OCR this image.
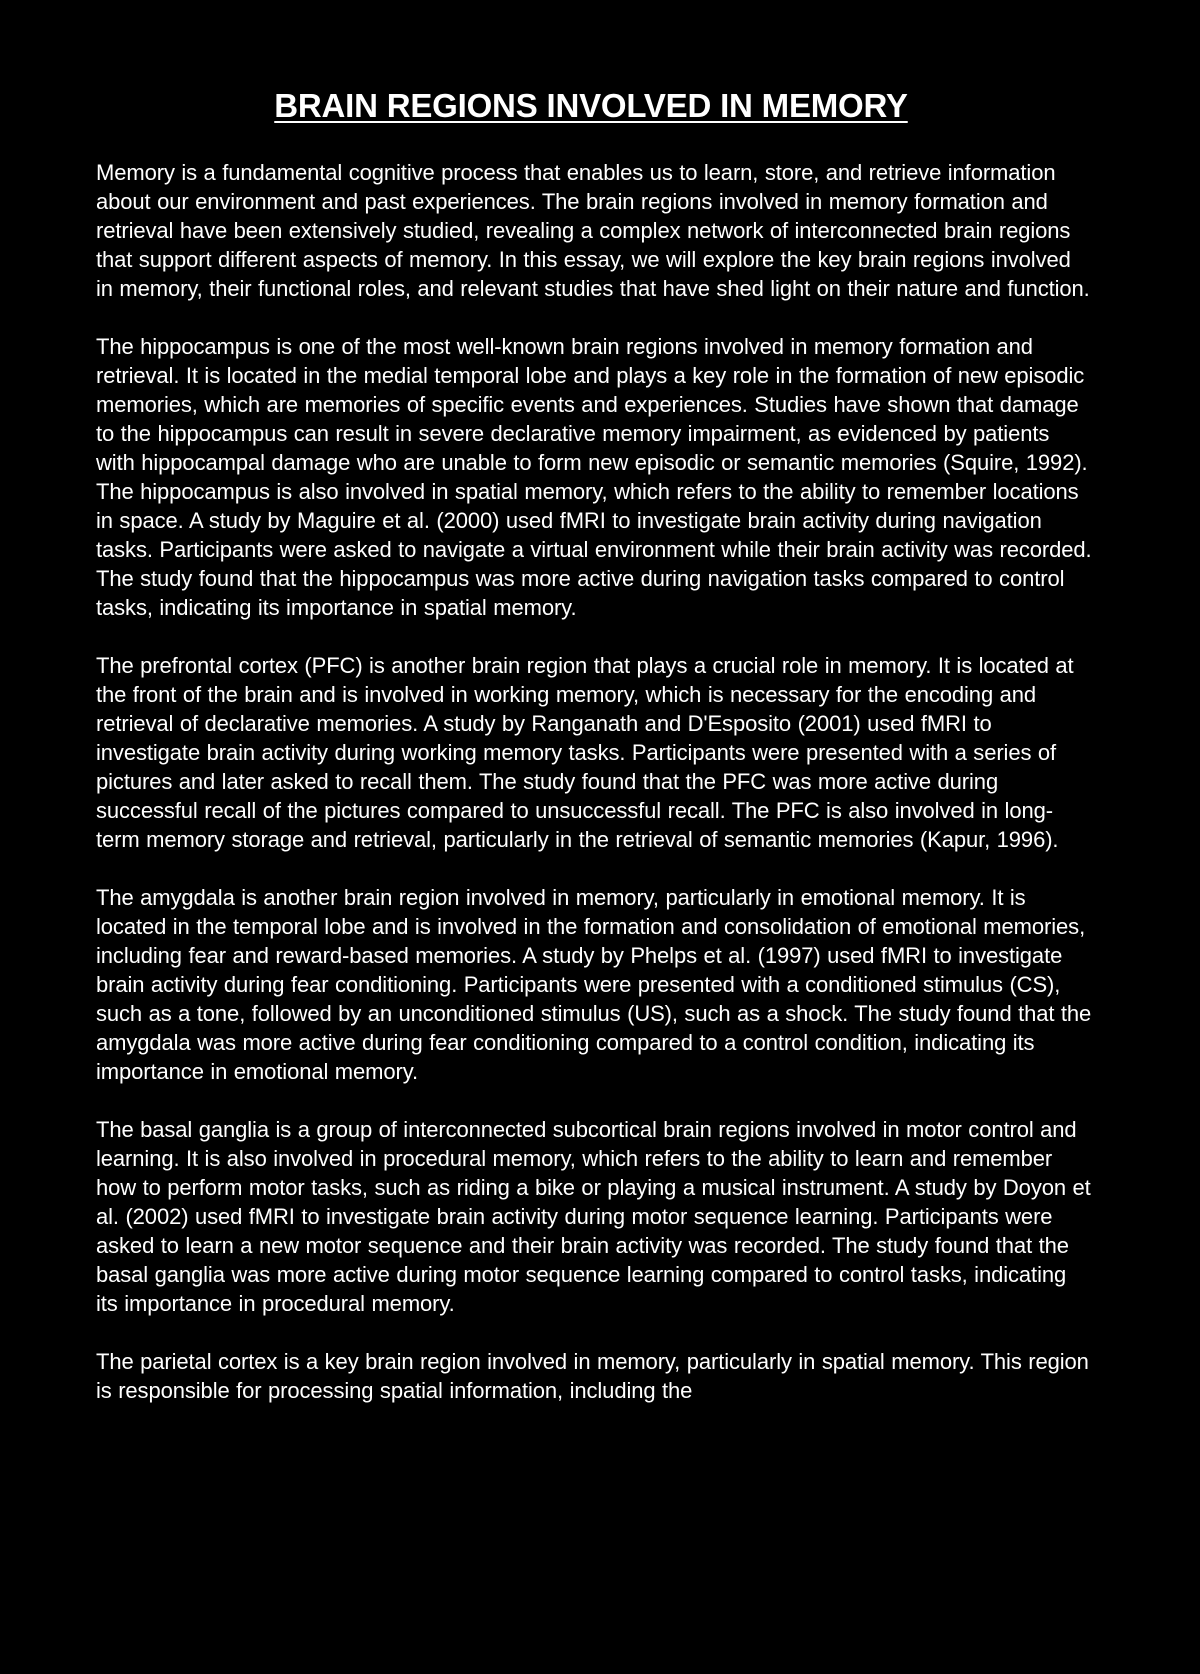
BRAIN REGIONS INVOLVED IN MEMORY

Memory is a fundamental cognitive process that enables us to learn, store, and retrieve information about our environment and past experiences. The brain regions involved in memory formation and retrieval have been extensively studied, revealing a complex network of interconnected brain regions that support different aspects of memory. In this essay, we will explore the key brain regions involved in memory, their functional roles, and relevant studies that have shed light on their nature and function.

The hippocampus is one of the most well-known brain regions involved in memory formation and retrieval. It is located in the medial temporal lobe and plays a key role in the formation of new episodic memories, which are memories of specific events and experiences. Studies have shown that damage to the hippocampus can result in severe declarative memory impairment, as evidenced by patients with hippocampal damage who are unable to form new episodic or semantic memories (Squire, 1992). The hippocampus is also involved in spatial memory, which refers to the ability to remember locations in space. A study by Maguire et al. (2000) used fMRI to investigate brain activity during navigation tasks. Participants were asked to navigate a virtual environment while their brain activity was recorded. The study found that the hippocampus was more active during navigation tasks compared to control tasks, indicating its importance in spatial memory.

The prefrontal cortex (PFC) is another brain region that plays a crucial role in memory. It is located at the front of the brain and is involved in working memory, which is necessary for the encoding and retrieval of declarative memories. A study by Ranganath and D'Esposito (2001) used fMRI to investigate brain activity during working memory tasks. Participants were presented with a series of pictures and later asked to recall them. The study found that the PFC was more active during successful recall of the pictures compared to unsuccessful recall. The PFC is also involved in long-term memory storage and retrieval, particularly in the retrieval of semantic memories (Kapur, 1996).

The amygdala is another brain region involved in memory, particularly in emotional memory. It is located in the temporal lobe and is involved in the formation and consolidation of emotional memories, including fear and reward-based memories. A study by Phelps et al. (1997) used fMRI to investigate brain activity during fear conditioning. Participants were presented with a conditioned stimulus (CS), such as a tone, followed by an unconditioned stimulus (US), such as a shock. The study found that the amygdala was more active during fear conditioning compared to a control condition, indicating its importance in emotional memory.

The basal ganglia is a group of interconnected subcortical brain regions involved in motor control and learning. It is also involved in procedural memory, which refers to the ability to learn and remember how to perform motor tasks, such as riding a bike or playing a musical instrument. A study by Doyon et al. (2002) used fMRI to investigate brain activity during motor sequence learning. Participants were asked to learn a new motor sequence and their brain activity was recorded. The study found that the basal ganglia was more active during motor sequence learning compared to control tasks, indicating its importance in procedural memory.

The parietal cortex is a key brain region involved in memory, particularly in spatial memory. This region is responsible for processing spatial information, including the
